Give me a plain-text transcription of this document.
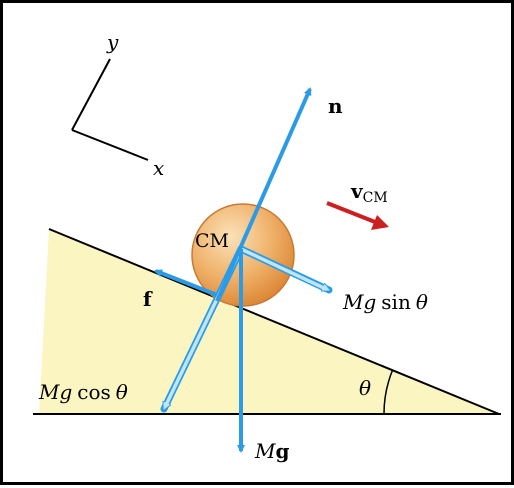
θ
y
x
CM
n
f
vCM
Mg sin θ
Mg cos θ
Mg
